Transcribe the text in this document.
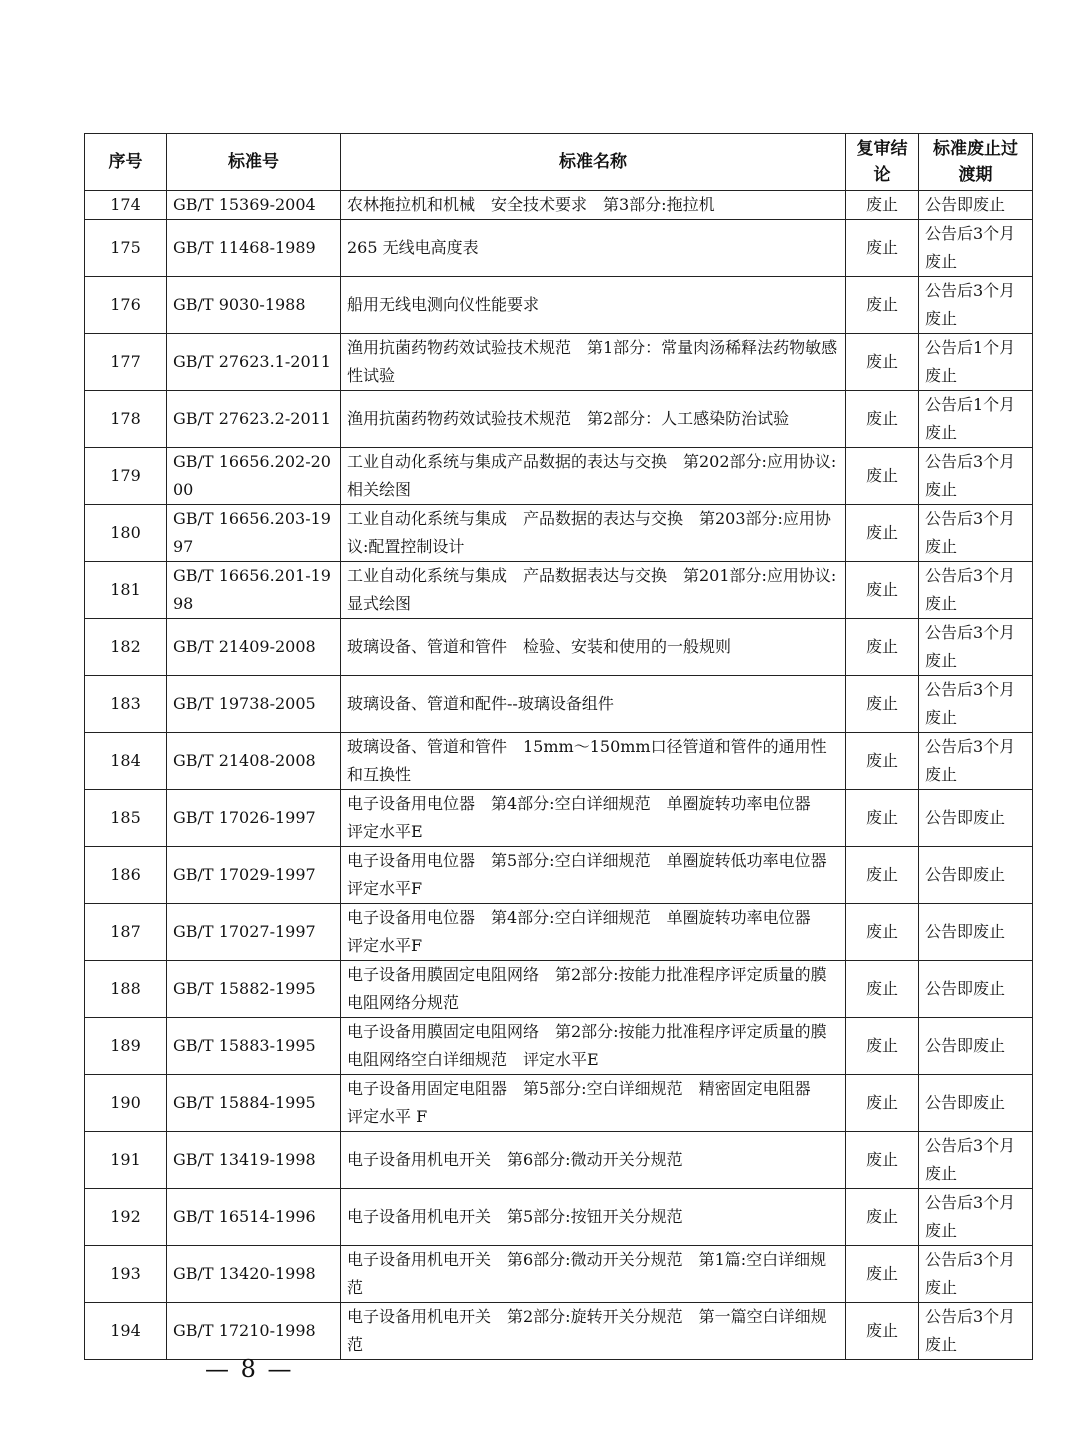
序号	标准号	标准名称	复审结论	标准废止过渡期
174	GB/T 15369-2004	农林拖拉机和机械　安全技术要求　第3部分:拖拉机	废止	公告即废止
175	GB/T 11468-1989	265 无线电高度表	废止	公告后3个月废止
176	GB/T 9030-1988	船用无线电测向仪性能要求	废止	公告后3个月废止
177	GB/T 27623.1-2011	渔用抗菌药物药效试验技术规范　第1部分：常量肉汤稀释法药物敏感性试验	废止	公告后1个月废止
178	GB/T 27623.2-2011	渔用抗菌药物药效试验技术规范　第2部分：人工感染防治试验	废止	公告后1个月废止
179	GB/T 16656.202-2000	工业自动化系统与集成产品数据的表达与交换　第202部分:应用协议:相关绘图	废止	公告后3个月废止
180	GB/T 16656.203-1997	工业自动化系统与集成　产品数据的表达与交换　第203部分:应用协议:配置控制设计	废止	公告后3个月废止
181	GB/T 16656.201-1998	工业自动化系统与集成　产品数据表达与交换　第201部分:应用协议:显式绘图	废止	公告后3个月废止
182	GB/T 21409-2008	玻璃设备、管道和管件　检验、安装和使用的一般规则	废止	公告后3个月废止
183	GB/T 19738-2005	玻璃设备、管道和配件--玻璃设备组件	废止	公告后3个月废止
184	GB/T 21408-2008	玻璃设备、管道和管件　15mm～150mm口径管道和管件的通用性和互换性	废止	公告后3个月废止
185	GB/T 17026-1997	电子设备用电位器　第4部分:空白详细规范　单圈旋转功率电位器　评定水平E	废止	公告即废止
186	GB/T 17029-1997	电子设备用电位器　第5部分:空白详细规范　单圈旋转低功率电位器　评定水平F	废止	公告即废止
187	GB/T 17027-1997	电子设备用电位器　第4部分:空白详细规范　单圈旋转功率电位器　评定水平F	废止	公告即废止
188	GB/T 15882-1995	电子设备用膜固定电阻网络　第2部分:按能力批准程序评定质量的膜电阻网络分规范	废止	公告即废止
189	GB/T 15883-1995	电子设备用膜固定电阻网络　第2部分:按能力批准程序评定质量的膜电阻网络空白详细规范　评定水平E	废止	公告即废止
190	GB/T 15884-1995	电子设备用固定电阻器　第5部分:空白详细规范　精密固定电阻器　评定水平 F	废止	公告即废止
191	GB/T 13419-1998	电子设备用机电开关　第6部分:微动开关分规范	废止	公告后3个月废止
192	GB/T 16514-1996	电子设备用机电开关　第5部分:按钮开关分规范	废止	公告后3个月废止
193	GB/T 13420-1998	电子设备用机电开关　第6部分:微动开关分规范　第1篇:空白详细规范	废止	公告后3个月废止
194	GB/T 17210-1998	电子设备用机电开关　第2部分:旋转开关分规范　第一篇空白详细规范	废止	公告后3个月废止
— 8 —
